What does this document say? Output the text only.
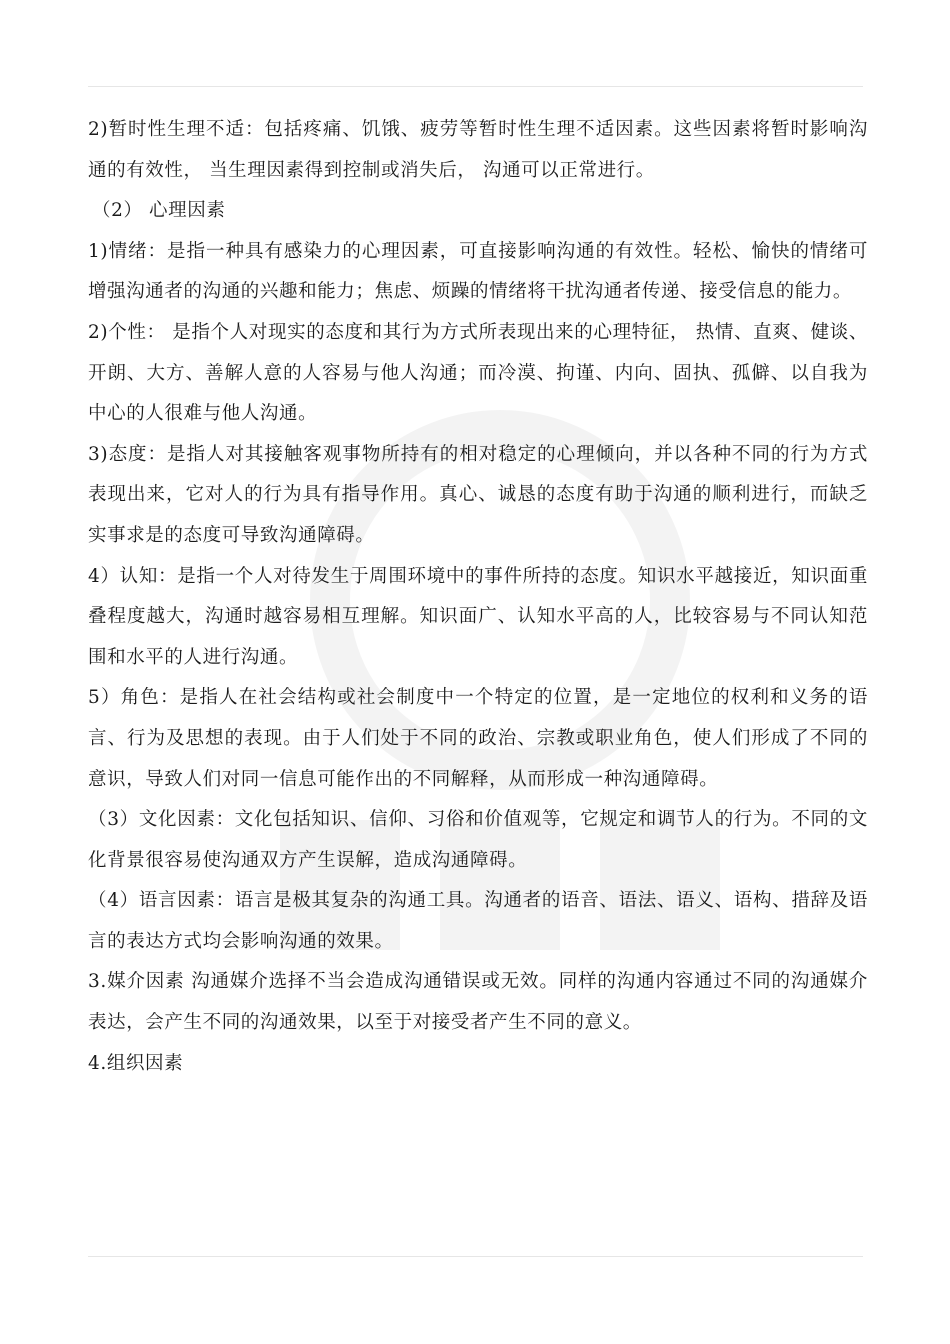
2)暂时性生理不适：包括疼痛、饥饿、疲劳等暂时性生理不适因素。这些因素将暂时影响沟通的有效性， 当生理因素得到控制或消失后， 沟通可以正常进行。

（2） 心理因素

1)情绪：是指一种具有感染力的心理因素，可直接影响沟通的有效性。轻松、愉快的情绪可增强沟通者的沟通的兴趣和能力；焦虑、烦躁的情绪将干扰沟通者传递、接受信息的能力。

2)个性： 是指个人对现实的态度和其行为方式所表现出来的心理特征， 热情、直爽、健谈、开朗、大方、善解人意的人容易与他人沟通；而冷漠、拘谨、内向、固执、孤僻、以自我为中心的人很难与他人沟通。

3)态度：是指人对其接触客观事物所持有的相对稳定的心理倾向，并以各种不同的行为方式表现出来，它对人的行为具有指导作用。真心、诚恳的态度有助于沟通的顺利进行，而缺乏实事求是的态度可导致沟通障碍。

4）认知：是指一个人对待发生于周围环境中的事件所持的态度。知识水平越接近，知识面重叠程度越大，沟通时越容易相互理解。知识面广、认知水平高的人，比较容易与不同认知范围和水平的人进行沟通。

5）角色：是指人在社会结构或社会制度中一个特定的位置，是一定地位的权利和义务的语言、行为及思想的表现。由于人们处于不同的政治、宗教或职业角色，使人们形成了不同的意识，导致人们对同一信息可能作出的不同解释，从而形成一种沟通障碍。

（3）文化因素：文化包括知识、信仰、习俗和价值观等，它规定和调节人的行为。不同的文化背景很容易使沟通双方产生误解，造成沟通障碍。

（4）语言因素：语言是极其复杂的沟通工具。沟通者的语音、语法、语义、语构、措辞及语言的表达方式均会影响沟通的效果。

3.媒介因素 沟通媒介选择不当会造成沟通错误或无效。同样的沟通内容通过不同的沟通媒介表达，会产生不同的沟通效果，以至于对接受者产生不同的意义。

4.组织因素
